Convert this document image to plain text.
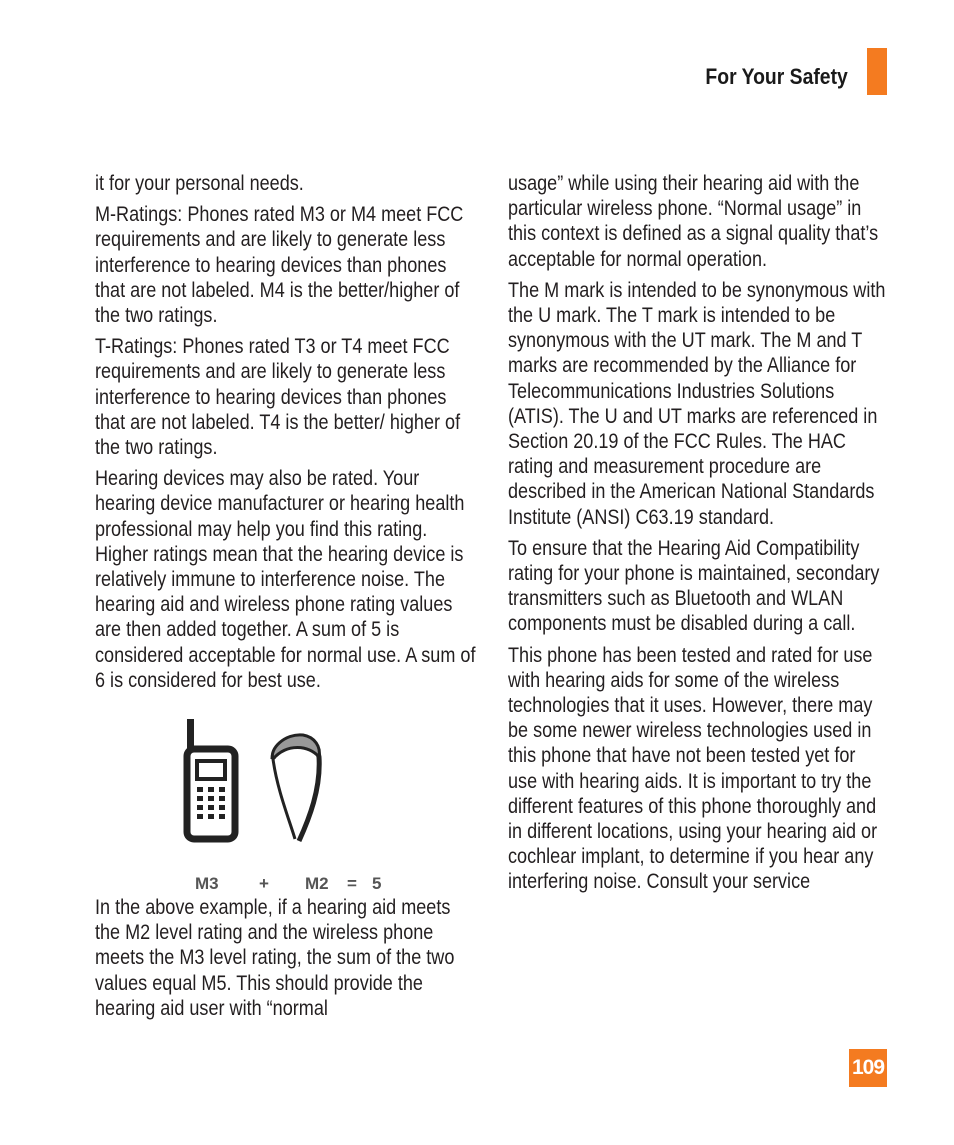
For Your Safety

it for your personal needs.

M-Ratings: Phones rated M3 or M4 meet FCC requirements and are likely to generate less interference to hearing devices than phones that are not labeled. M4 is the better/higher of the two ratings.

T-Ratings: Phones rated T3 or T4 meet FCC requirements and are likely to generate less interference to hearing devices than phones that are not labeled. T4 is the better/ higher of the two ratings.

Hearing devices may also be rated. Your hearing device manufacturer or hearing health professional may help you find this rating. Higher ratings mean that the hearing device is relatively immune to interference noise. The hearing aid and wireless phone rating values are then added together. A sum of 5 is considered acceptable for normal use. A sum of 6 is considered for best use.

M3 + M2 = 5

In the above example, if a hearing aid meets the M2 level rating and the wireless phone meets the M3 level rating, the sum of the two values equal M5. This should provide the hearing aid user with “normal

usage” while using their hearing aid with the particular wireless phone. “Normal usage” in this context is defined as a signal quality that’s acceptable for normal operation.

The M mark is intended to be synonymous with the U mark. The T mark is intended to be synonymous with the UT mark. The M and T marks are recommended by the Alliance for Telecommunications Industries Solutions (ATIS). The U and UT marks are referenced in Section 20.19 of the FCC Rules. The HAC rating and measurement procedure are described in the American National Standards Institute (ANSI) C63.19 standard.

To ensure that the Hearing Aid Compatibility rating for your phone is maintained, secondary transmitters such as Bluetooth and WLAN components must be disabled during a call.

This phone has been tested and rated for use with hearing aids for some of the wireless technologies that it uses. However, there may be some newer wireless technologies used in this phone that have not been tested yet for use with hearing aids. It is important to try the different features of this phone thoroughly and in different locations, using your hearing aid or cochlear implant, to determine if you hear any interfering noise. Consult your service

109
